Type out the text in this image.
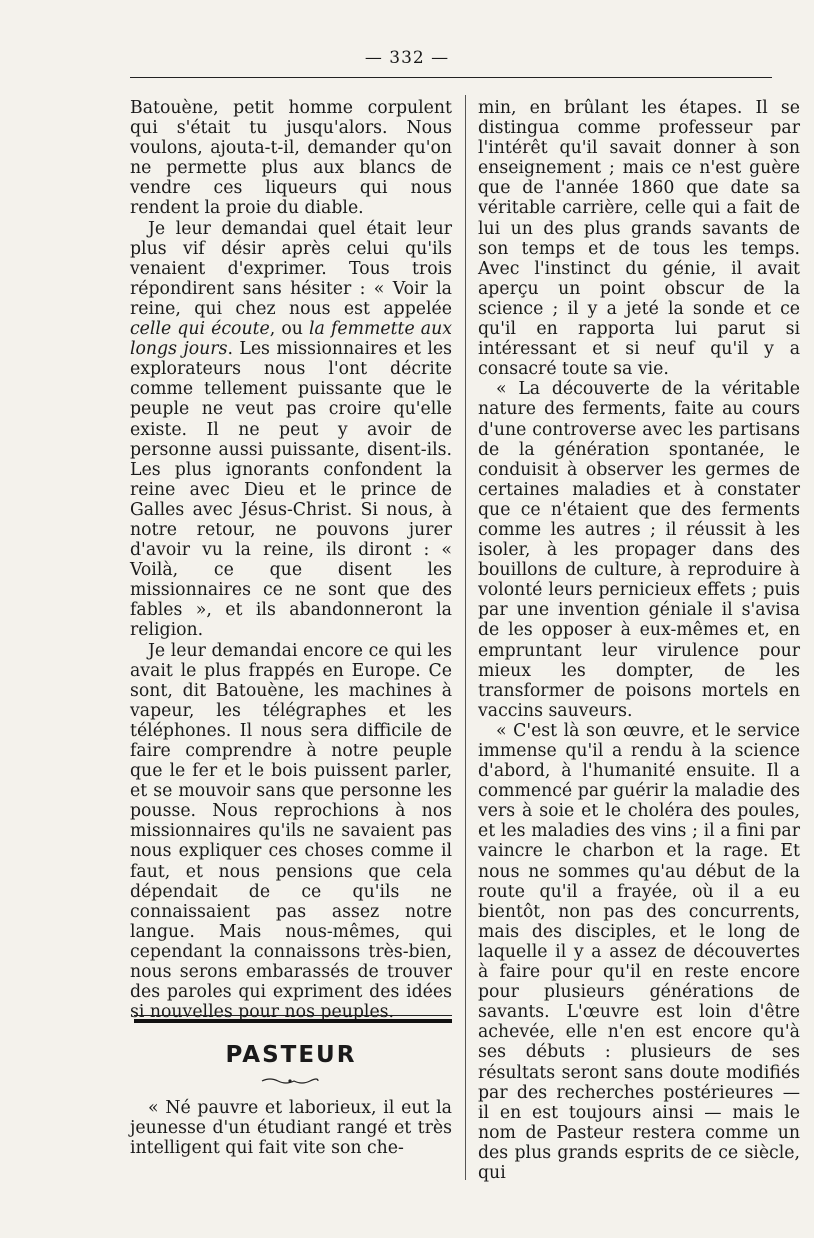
— 332 —

Batouène, petit homme corpulent qui s'était tu jusqu'alors. Nous voulons, ajouta-t-il, demander qu'on ne permette plus aux blancs de vendre ces liqueurs qui nous rendent la proie du diable.

Je leur demandai quel était leur plus vif désir après celui qu'ils venaient d'exprimer. Tous trois répondirent sans hésiter : « Voir la reine, qui chez nous est appelée celle qui écoute, ou la femmette aux longs jours. Les missionnaires et les explorateurs nous l'ont décrite comme tellement puissante que le peuple ne veut pas croire qu'elle existe. Il ne peut y avoir de personne aussi puissante, disent-ils. Les plus ignorants confondent la reine avec Dieu et le prince de Galles avec Jésus-Christ. Si nous, à notre retour, ne pouvons jurer d'avoir vu la reine, ils diront : « Voilà, ce que disent les missionnaires ce ne sont que des fables », et ils abandonneront la religion.

Je leur demandai encore ce qui les avait le plus frappés en Europe. Ce sont, dit Batouène, les machines à vapeur, les télégraphes et les téléphones. Il nous sera difficile de faire comprendre à notre peuple que le fer et le bois puissent parler, et se mouvoir sans que personne les pousse. Nous reprochions à nos missionnaires qu'ils ne savaient pas nous expliquer ces choses comme il faut, et nous pensions que cela dépendait de ce qu'ils ne connaissaient pas assez notre langue. Mais nous-mêmes, qui cependant la connaissons très-bien, nous serons embarassés de trouver des paroles qui expriment des idées si nouvelles pour nos peuples.

PASTEUR

« Né pauvre et laborieux, il eut la jeunesse d'un étudiant rangé et très intelligent qui fait vite son che-

min, en brûlant les étapes. Il se distingua comme professeur par l'intérêt qu'il savait donner à son enseignement ; mais ce n'est guère que de l'année 1860 que date sa véritable carrière, celle qui a fait de lui un des plus grands savants de son temps et de tous les temps. Avec l'instinct du génie, il avait aperçu un point obscur de la science ; il y a jeté la sonde et ce qu'il en rapporta lui parut si intéressant et si neuf qu'il y a consacré toute sa vie.

« La découverte de la véritable nature des ferments, faite au cours d'une controverse avec les partisans de la génération spontanée, le conduisit à observer les germes de certaines maladies et à constater que ce n'étaient que des ferments comme les autres ; il réussit à les isoler, à les propager dans des bouillons de culture, à reproduire à volonté leurs pernicieux effets ; puis par une invention géniale il s'avisa de les opposer à eux-mêmes et, en empruntant leur virulence pour mieux les dompter, de les transformer de poisons mortels en vaccins sauveurs.

« C'est là son œuvre, et le service immense qu'il a rendu à la science d'abord, à l'humanité ensuite. Il a commencé par guérir la maladie des vers à soie et le choléra des poules, et les maladies des vins ; il a fini par vaincre le charbon et la rage. Et nous ne sommes qu'au début de la route qu'il a frayée, où il a eu bientôt, non pas des concurrents, mais des disciples, et le long de laquelle il y a assez de découvertes à faire pour qu'il en reste encore pour plusieurs générations de savants. L'œuvre est loin d'être achevée, elle n'en est encore qu'à ses débuts : plusieurs de ses résultats seront sans doute modifiés par des recherches postérieures — il en est toujours ainsi — mais le nom de Pasteur restera comme un des plus grands esprits de ce siècle, qui
